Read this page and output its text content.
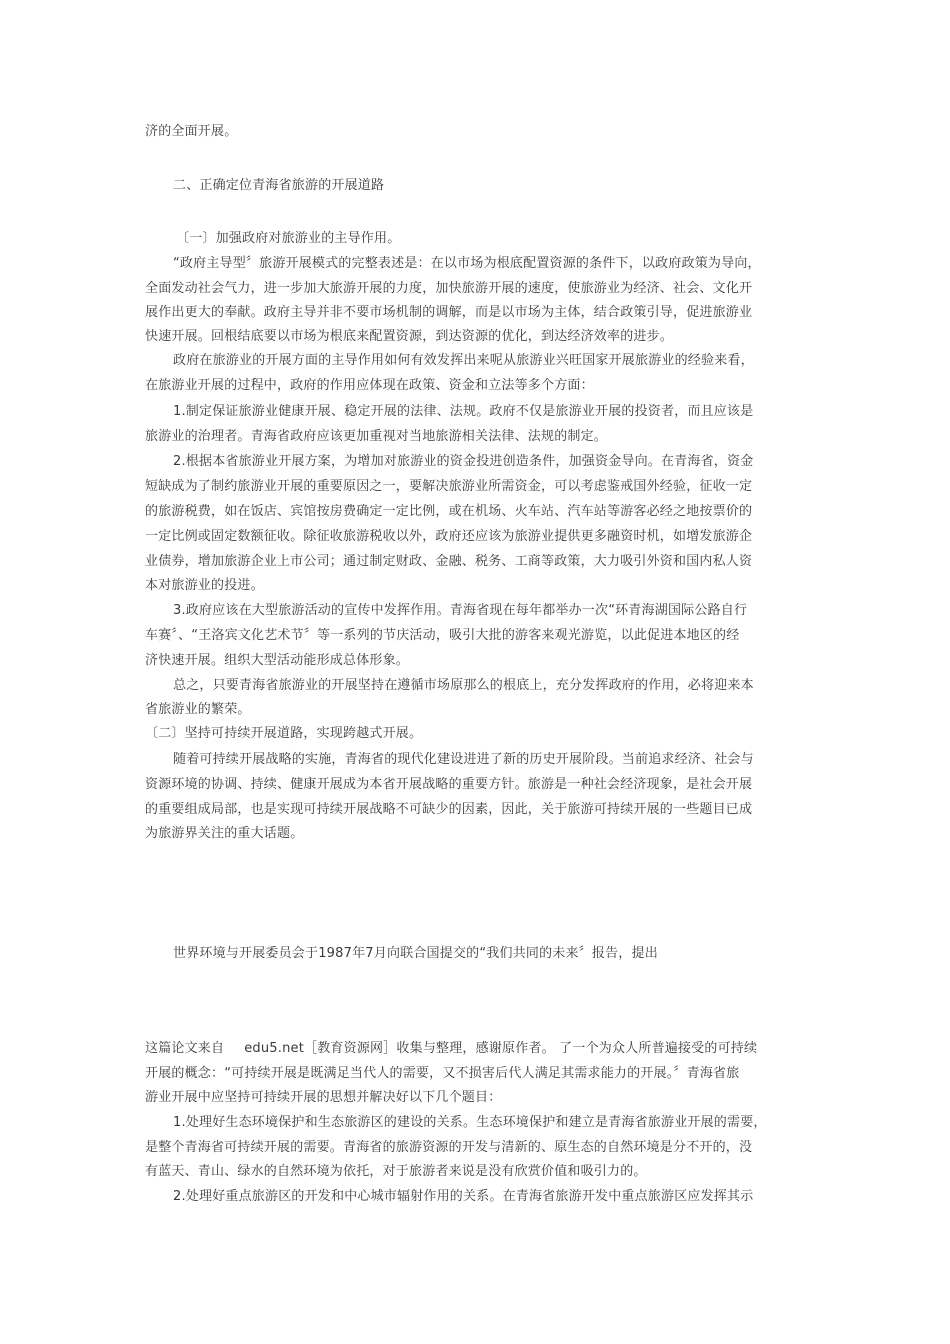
济的全面开展。
二、正确定位青海省旅游的开展道路
〔一〕加强政府对旅游业的主导作用。
“政府主导型〞旅游开展模式的完整表述是：在以市场为根底配置资源的条件下，以政府政策为导向，
全面发动社会气力，进一步加大旅游开展的力度，加快旅游开展的速度，使旅游业为经济、社会、文化开
展作出更大的奉献。政府主导并非不要市场机制的调解，而是以市场为主体，结合政策引导，促进旅游业
快速开展。回根结底要以市场为根底来配置资源，到达资源的优化，到达经济效率的进步。
政府在旅游业的开展方面的主导作用如何有效发挥出来呢从旅游业兴旺国家开展旅游业的经验来看，
在旅游业开展的过程中，政府的作用应体现在政策、资金和立法等多个方面：
1.制定保证旅游业健康开展、稳定开展的法律、法规。政府不仅是旅游业开展的投资者，而且应该是
旅游业的治理者。青海省政府应该更加重视对当地旅游相关法律、法规的制定。
2.根据本省旅游业开展方案，为增加对旅游业的资金投进创造条件，加强资金导向。在青海省，资金
短缺成为了制约旅游业开展的重要原因之一，要解决旅游业所需资金，可以考虑鉴戒国外经验，征收一定
的旅游税费，如在饭店、宾馆按房费确定一定比例，或在机场、火车站、汽车站等游客必经之地按票价的
一定比例或固定数额征收。除征收旅游税收以外，政府还应该为旅游业提供更多融资时机，如增发旅游企
业债券，增加旅游企业上市公司；通过制定财政、金融、税务、工商等政策，大力吸引外资和国内私人资
本对旅游业的投进。
3.政府应该在大型旅游活动的宣传中发挥作用。青海省现在每年都举办一次“环青海湖国际公路自行
车赛〞、“王洛宾文化艺术节〞等一系列的节庆活动，吸引大批的游客来观光游览，以此促进本地区的经
济快速开展。组织大型活动能形成总体形象。
总之，只要青海省旅游业的开展坚持在遵循市场原那么的根底上，充分发挥政府的作用，必将迎来本
省旅游业的繁荣。
〔二〕坚持可持续开展道路，实现跨越式开展。
随着可持续开展战略的实施，青海省的现代化建设进进了新的历史开展阶段。当前追求经济、社会与
资源环境的协调、持续、健康开展成为本省开展战略的重要方针。旅游是一种社会经济现象，是社会开展
的重要组成局部，也是实现可持续开展战略不可缺少的因素，因此，关于旅游可持续开展的一些题目已成
为旅游界关注的重大话题。
世界环境与开展委员会于1987年7月向联合国提交的“我们共同的未来〞报告，提出
这篇论文来自 edu5.net［教育资源网］收集与整理，感谢原作者。 了一个为众人所普遍接受的可持续
开展的概念：“可持续开展是既满足当代人的需要，又不损害后代人满足其需求能力的开展。〞青海省旅
游业开展中应坚持可持续开展的思想并解决好以下几个题目：
1.处理好生态环境保护和生态旅游区的建设的关系。生态环境保护和建立是青海省旅游业开展的需要，
是整个青海省可持续开展的需要。青海省的旅游资源的开发与清新的、原生态的自然环境是分不开的，没
有蓝天、青山、绿水的自然环境为依托，对于旅游者来说是没有欣赏价值和吸引力的。
2.处理好重点旅游区的开发和中心城市辐射作用的关系。在青海省旅游开发中重点旅游区应发挥其示
